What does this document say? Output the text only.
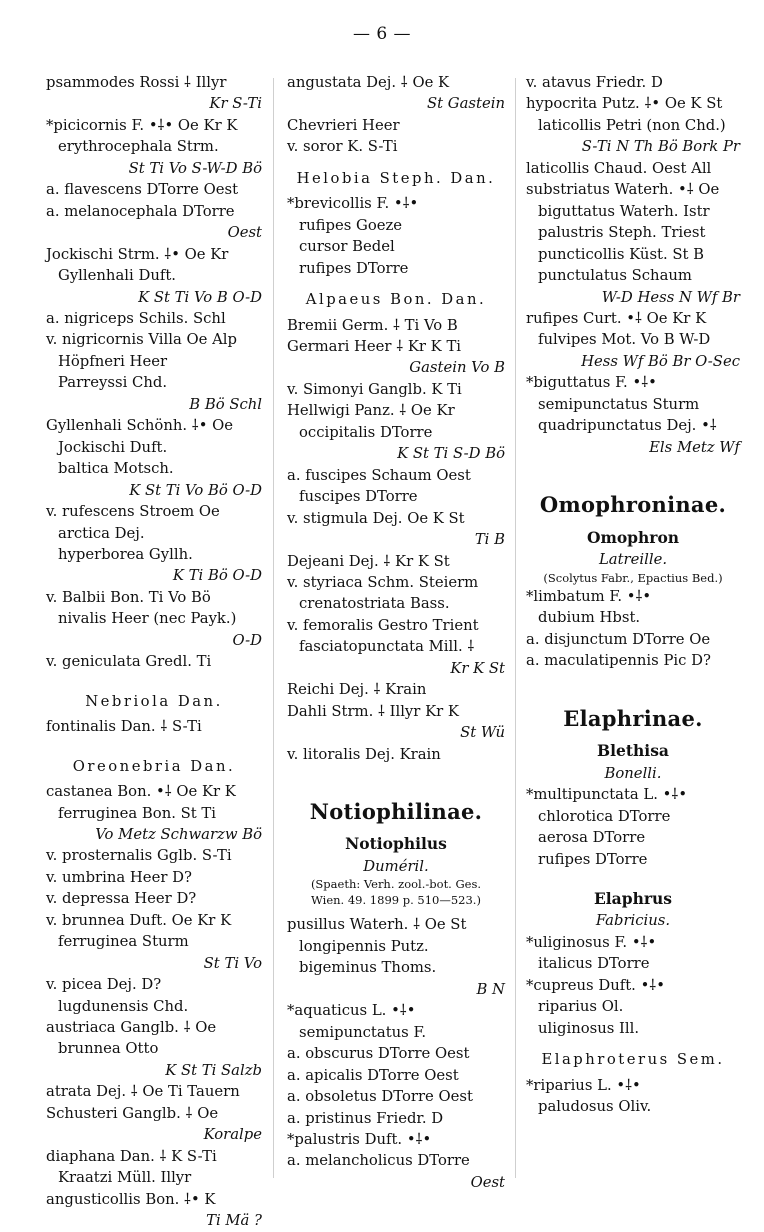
— 6 —
psammodes Rossi ⸸ Illyr
Kr S-Ti
*picicornis F. •⸸• Oe Kr K
erythrocephala Strm.
St Ti Vo S-W-D Bö
a. flavescens DTorre Oest
a. melanocephala DTorre
Oest
Jockischi Strm. ⸸• Oe Kr
Gyllenhali Duft.
K St Ti Vo B O-D
a. nigriceps Schils. Schl
v. nigricornis Villa Oe Alp
Höpfneri Heer
Parreyssi Chd.
B Bö Schl
Gyllenhali Schönh. ⸸• Oe
Jockischi Duft.
baltica Motsch.
K St Ti Vo Bö O-D
v. rufescens Stroem Oe
arctica Dej.
hyperborea Gyllh.
K Ti Bö O-D
v. Balbii Bon. Ti Vo Bö
nivalis Heer (nec Payk.)
O-D
v. geniculata Gredl. Ti
Nebriola Dan.
fontinalis Dan. ⸸ S-Ti
Oreonebria Dan.
castanea Bon. •⸸ Oe Kr K
ferruginea Bon. St Ti
Vo Metz Schwarzw Bö
v. prosternalis Gglb. S-Ti
v. umbrina Heer D?
v. depressa Heer D?
v. brunnea Duft. Oe Kr K
ferruginea Sturm
St Ti Vo
v. picea Dej. D?
lugdunensis Chd.
austriaca Ganglb. ⸸ Oe
brunnea Otto
K St Ti Salzb
atrata Dej. ⸸ Oe Ti Tauern
Schusteri Ganglb. ⸸ Oe
Koralpe
diaphana Dan. ⸸ K S-Ti
Kraatzi Müll. Illyr
angusticollis Bon. ⸸• K
Ti Mä ?
angustata Dej. ⸸ Oe K
St Gastein
Chevrieri Heer
v. soror K. S-Ti
Helobia Steph. Dan.
*brevicollis F. •⸸•
rufipes Goeze
cursor Bedel
rufipes DTorre
Alpaeus Bon. Dan.
Bremii Germ. ⸸ Ti Vo B
Germari Heer ⸸ Kr K Ti
Gastein Vo B
v. Simonyi Ganglb. K Ti
Hellwigi Panz. ⸸ Oe Kr
occipitalis DTorre
K St Ti S-D Bö
a. fuscipes Schaum Oest
fuscipes DTorre
v. stigmula Dej. Oe K St
Ti B
Dejeani Dej. ⸸ Kr K St
v. styriaca Schm. Steierm
crenatostriata Bass.
v. femoralis Gestro Trient
fasciatopunctata Mill. ⸸
Kr K St
Reichi Dej. ⸸ Krain
Dahli Strm. ⸸ Illyr Kr K
St Wü
v. litoralis Dej. Krain
Notiophilinae.
Notiophilus
Duméril.
(Spaeth: Verh. zool.-bot. Ges.
Wien. 49. 1899 p. 510—523.)
pusillus Waterh. ⸸ Oe St
longipennis Putz.
bigeminus Thoms.
B N
*aquaticus L. •⸸•
semipunctatus F.
a. obscurus DTorre Oest
a. apicalis DTorre Oest
a. obsoletus DTorre Oest
a. pristinus Friedr. D
*palustris Duft. •⸸•
a. melancholicus DTorre
Oest
v. atavus Friedr. D
hypocrita Putz. ⸸• Oe K St
laticollis Petri (non Chd.)
S-Ti N Th Bö Bork Pr
laticollis Chaud. Oest All
substriatus Waterh. •⸸ Oe
biguttatus Waterh. Istr
palustris Steph. Triest
puncticollis Küst. St B
punctulatus Schaum
W-D Hess N Wf Br
rufipes Curt. •⸸ Oe Kr K
fulvipes Mot. Vo B W-D
Hess Wf Bö Br O-Sec
*biguttatus F. •⸸•
semipunctatus Sturm
quadripunctatus Dej. •⸸
Els Metz Wf
Omophroninae.
Omophron
Latreille.
(Scolytus Fabr., Epactius Bed.)
*limbatum F. •⸸•
dubium Hbst.
a. disjunctum DTorre Oe
a. maculatipennis Pic D?
Elaphrinae.
Blethisa
Bonelli.
*multipunctata L. •⸸•
chlorotica DTorre
aerosa DTorre
rufipes DTorre
Elaphrus
Fabricius.
*uliginosus F. •⸸•
italicus DTorre
*cupreus Duft. •⸸•
riparius Ol.
uliginosus Ill.
Elaphroterus Sem.
*riparius L. •⸸•
paludosus Oliv.
